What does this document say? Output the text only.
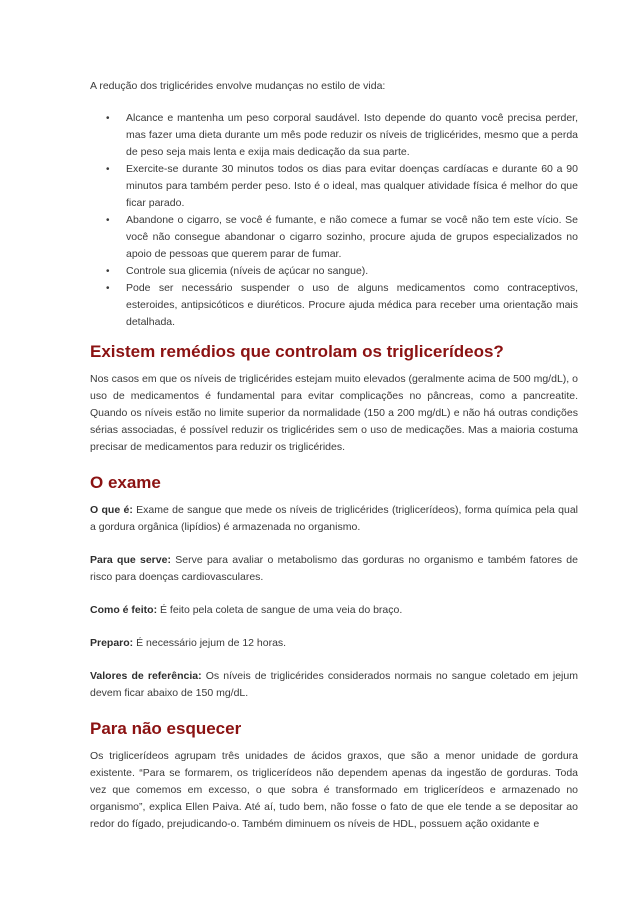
A redução dos triglicérides envolve mudanças no estilo de vida:

• Alcance e mantenha um peso corporal saudável. Isto depende do quanto você precisa perder, mas fazer uma dieta durante um mês pode reduzir os níveis de triglicérides, mesmo que a perda de peso seja mais lenta e exija mais dedicação da sua parte.
• Exercite-se durante 30 minutos todos os dias para evitar doenças cardíacas e durante 60 a 90 minutos para também perder peso. Isto é o ideal, mas qualquer atividade física é melhor do que ficar parado.
• Abandone o cigarro, se você é fumante, e não comece a fumar se você não tem este vício. Se você não consegue abandonar o cigarro sozinho, procure ajuda de grupos especializados no apoio de pessoas que querem parar de fumar.
• Controle sua glicemia (níveis de açúcar no sangue).
• Pode ser necessário suspender o uso de alguns medicamentos como contraceptivos, esteroides, antipsicóticos e diuréticos. Procure ajuda médica para receber uma orientação mais detalhada.
Existem remédios que controlam os triglicerídeos?

Nos casos em que os níveis de triglicérides estejam muito elevados (geralmente acima de 500 mg/dL), o uso de medicamentos é fundamental para evitar complicações no pâncreas, como a pancreatite. Quando os níveis estão no limite superior da normalidade (150 a 200 mg/dL) e não há outras condições sérias associadas, é possível reduzir os triglicérides sem o uso de medicações. Mas a maioria costuma precisar de medicamentos para reduzir os triglicérides.

O exame

O que é: Exame de sangue que mede os níveis de triglicérides (triglicerídeos), forma química pela qual a gordura orgânica (lipídios) é armazenada no organismo.

Para que serve: Serve para avaliar o metabolismo das gorduras no organismo e também fatores de risco para doenças cardiovasculares.

Como é feito: É feito pela coleta de sangue de uma veia do braço.

Preparo: É necessário jejum de 12 horas.

Valores de referência: Os níveis de triglicérides considerados normais no sangue coletado em jejum devem ficar abaixo de 150 mg/dL.

Para não esquecer

Os triglicerídeos agrupam três unidades de ácidos graxos, que são a menor unidade de gordura existente. “Para se formarem, os triglicerídeos não dependem apenas da ingestão de gorduras. Toda vez que comemos em excesso, o que sobra é transformado em triglicerídeos e armazenado no organismo”, explica Ellen Paiva. Até aí, tudo bem, não fosse o fato de que ele tende a se depositar ao redor do fígado, prejudicando-o. Também diminuem os níveis de HDL, possuem ação oxidante e
